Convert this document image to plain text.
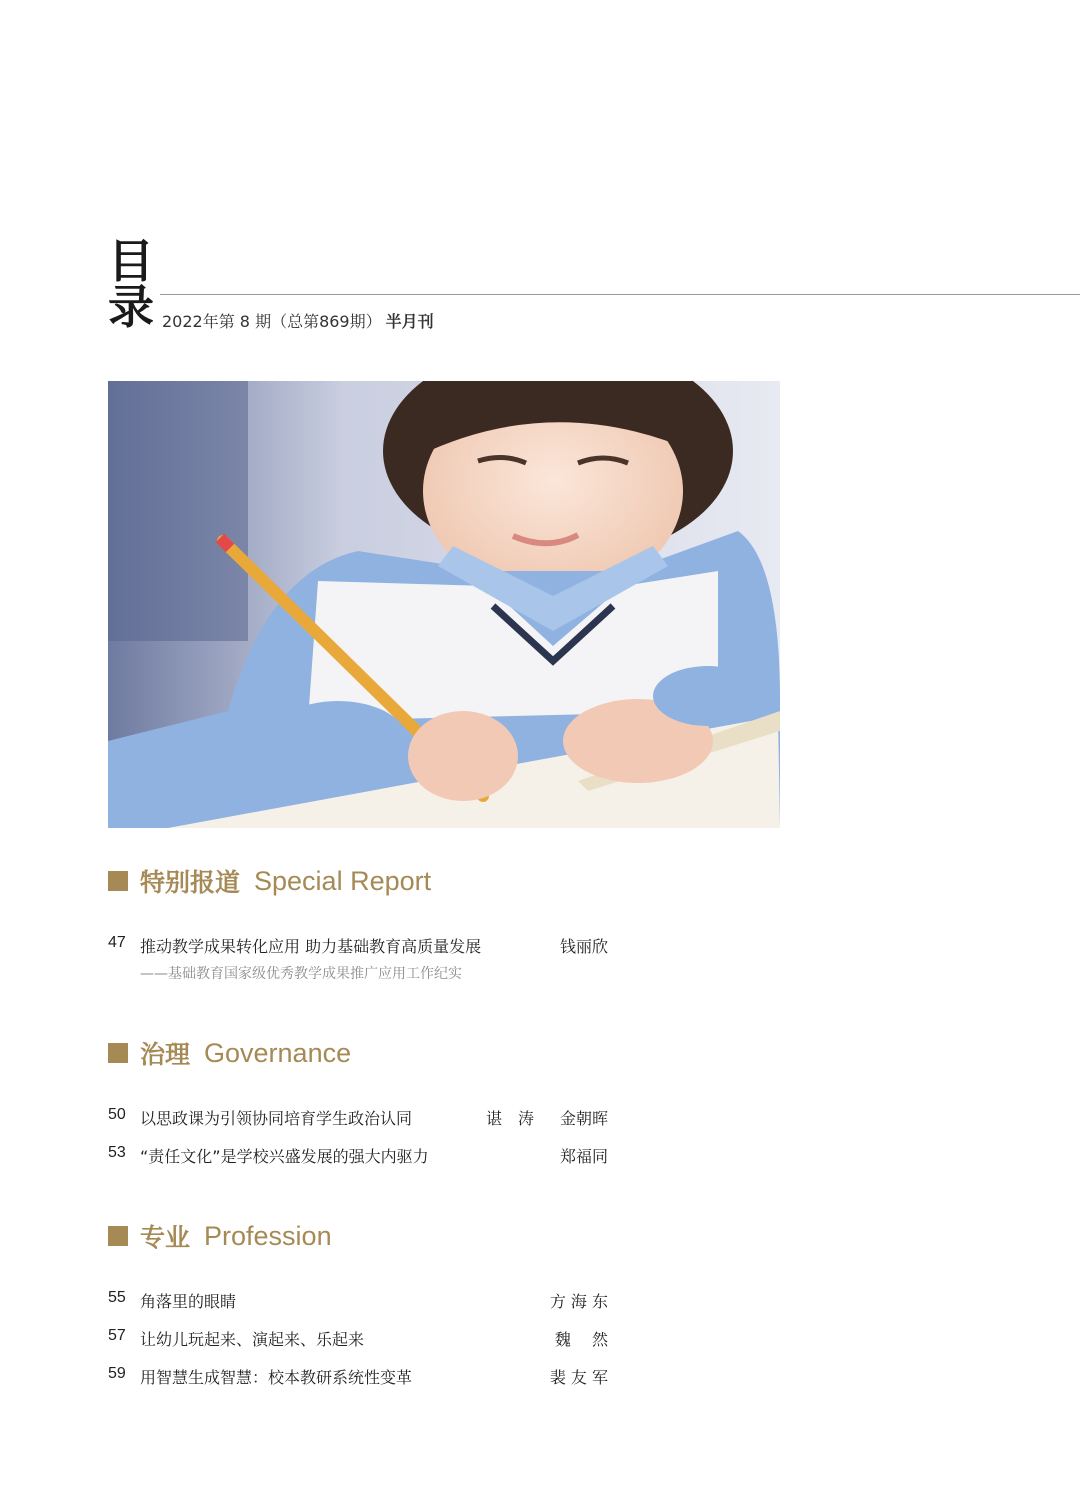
目
录 2022年第 8 期（总第869期） 半月刊
特别报道 Special Report
47 推动教学成果转化应用 助力基础教育高质量发展	钱丽欣
——基础教育国家级优秀教学成果推广应用工作纪实
治理 Governance
50 以思政课为引领协同培育学生政治认同	谌　涛 金朝晖
53 “责任文化”是学校兴盛发展的强大内驱力	郑福同
专业 Profession
55 角落里的眼睛	方 海 东
57 让幼儿玩起来、演起来、乐起来	魏　 然
59 用智慧生成智慧：校本教研系统性变革	裴 友 军
